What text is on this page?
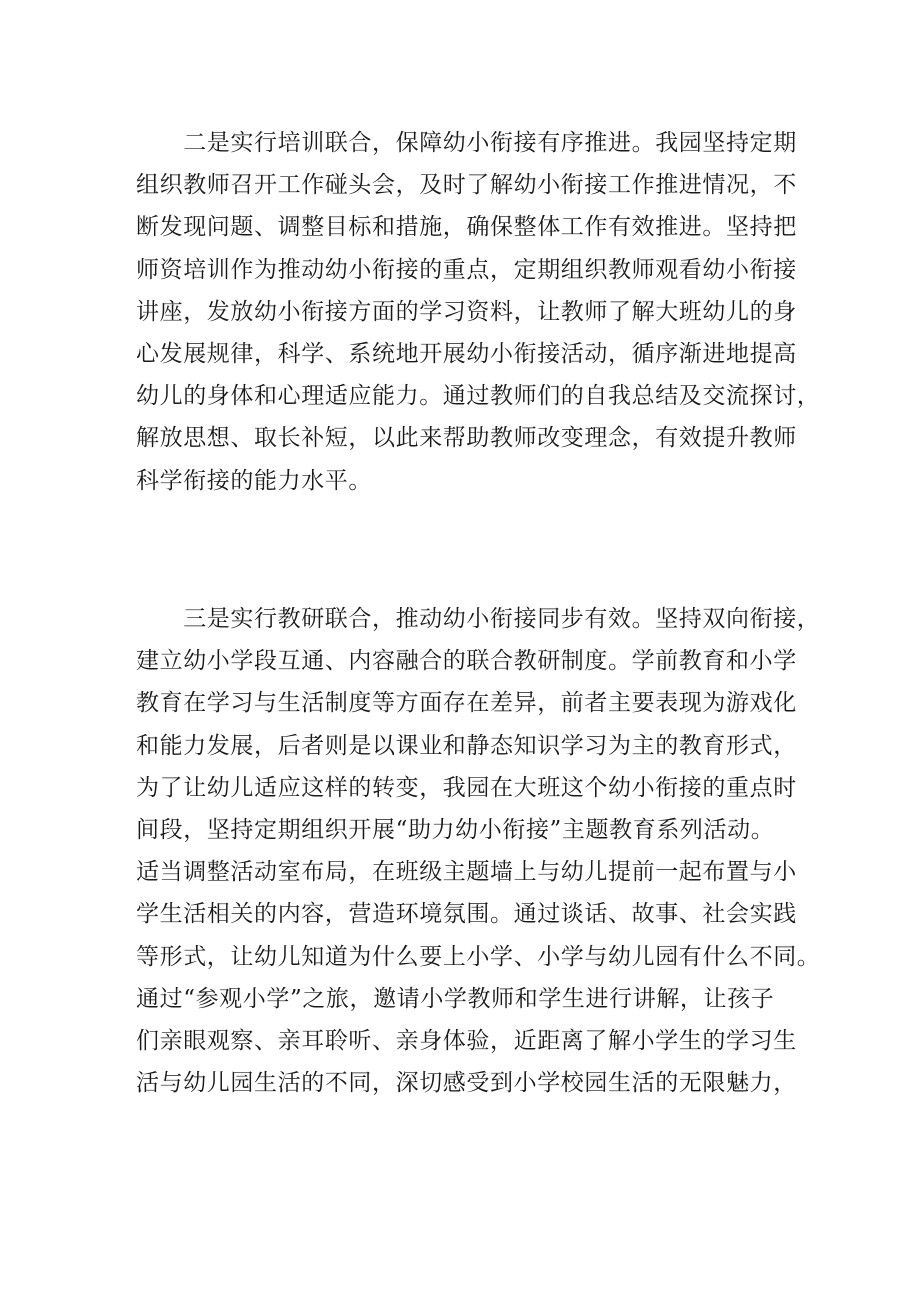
　　二是实行培训联合，保障幼小衔接有序推进。我园坚持定期
组织教师召开工作碰头会，及时了解幼小衔接工作推进情况，不
断发现问题、调整目标和措施，确保整体工作有效推进。坚持把
师资培训作为推动幼小衔接的重点，定期组织教师观看幼小衔接
讲座，发放幼小衔接方面的学习资料，让教师了解大班幼儿的身
心发展规律，科学、系统地开展幼小衔接活动，循序渐进地提高
幼儿的身体和心理适应能力。通过教师们的自我总结及交流探讨，
解放思想、取长补短，以此来帮助教师改变理念，有效提升教师
科学衔接的能力水平。
　　三是实行教研联合，推动幼小衔接同步有效。坚持双向衔接，
建立幼小学段互通、内容融合的联合教研制度。学前教育和小学
教育在学习与生活制度等方面存在差异，前者主要表现为游戏化
和能力发展，后者则是以课业和静态知识学习为主的教育形式，
为了让幼儿适应这样的转变，我园在大班这个幼小衔接的重点时
间段，坚持定期组织开展“助力幼小衔接”主题教育系列活动。
适当调整活动室布局，在班级主题墙上与幼儿提前一起布置与小
学生活相关的内容，营造环境氛围。通过谈话、故事、社会实践
等形式，让幼儿知道为什么要上小学、小学与幼儿园有什么不同。
通过“参观小学”之旅，邀请小学教师和学生进行讲解，让孩子
们亲眼观察、亲耳聆听、亲身体验，近距离了解小学生的学习生
活与幼儿园生活的不同，深切感受到小学校园生活的无限魅力，
